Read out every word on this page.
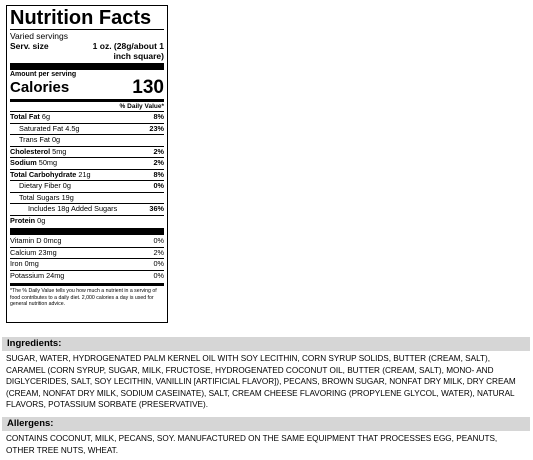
Nutrition Facts
Varied servings
Serv. size	1 oz. (28g/about 1
inch square)
Amount per serving
Calories	130
% Daily Value*
Total Fat 6g	8%
Saturated Fat 4.5g	23%
Trans Fat 0g
Cholesterol 5mg	2%
Sodium 50mg	2%
Total Carbohydrate 21g	8%
Dietary Fiber 0g	0%
Total Sugars 19g
Includes 18g Added Sugars	36%
Protein 0g
Vitamin D 0mcg	0%
Calcium 23mg	2%
Iron 0mg	0%
Potassium 24mg	0%
*The % Daily Value tells you how much a nutrient in a serving of food contributes to a daily diet. 2,000 calories a day is used for general nutrition advice.
Ingredients:
SUGAR, WATER, HYDROGENATED PALM KERNEL OIL WITH SOY LECITHIN, CORN SYRUP SOLIDS, BUTTER (CREAM, SALT), CARAMEL (CORN SYRUP, SUGAR, MILK, FRUCTOSE, HYDROGENATED COCONUT OIL, BUTTER (CREAM, SALT), MONO- AND DIGLYCERIDES, SALT, SOY LECITHIN, VANILLIN [ARTIFICIAL FLAVOR]), PECANS, BROWN SUGAR, NONFAT DRY MILK, DRY CREAM (CREAM, NONFAT DRY MILK, SODIUM CASEINATE), SALT, CREAM CHEESE FLAVORING (PROPYLENE GLYCOL, WATER), NATURAL FLAVORS, POTASSIUM SORBATE (PRESERVATIVE).
Allergens:
CONTAINS COCONUT, MILK, PECANS, SOY. MANUFACTURED ON THE SAME EQUIPMENT THAT PROCESSES EGG, PEANUTS, OTHER TREE NUTS, WHEAT.
